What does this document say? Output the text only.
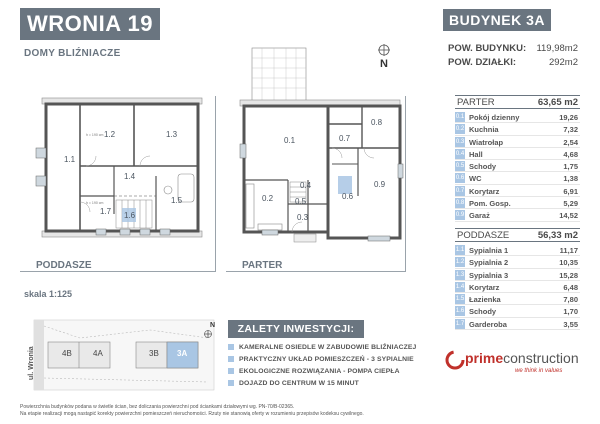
WRONIA 19
DOMY BLIŹNIACZE
BUDYNEK 3A
POW. BUDYNKU: 119,98m2
POW. DZIAŁKI:	292m2
PARTER	63,65 m2
0.1 Pokój dzienny	19,26
0.2 Kuchnia	7,32
0.3 Wiatrołap	2,54
0.4 Hall	4,68
0.5 Schody	1,75
0.6 WC	1,38
0.7 Korytarz	6,91
0.8 Pom. Gosp.	5,29
0.9 Garaż	14,52
PODDASZE	56,33 m2
1.1 Sypialnia 1	11,17
1.2 Sypialnia 2	10,35
1.3 Sypialnia 3	15,28
1.4 Korytarz	6,48
1.5 Łazienka	7,80
1.6 Schody	1,70
1.7 Garderoba	3,55
h = 190 cm
h = 190 cm
1.1
1.2	1.3
1.4
1.5
1.6
1.7
PODDASZE
N
0.1
0.2
0.3
0.4
0.5
0.6
0.7
0.8
0.9
PARTER
skala 1:125
N
4B	4A	3B 3A
ul. Wronia
ZALETY INWESTYCJI:
KAMERALNE OSIEDLE W ZABUDOWIE BLIŹNIACZEJ
PRAKTYCZNY UKŁAD POMIESZCZEŃ - 3 SYPIALNIE
EKOLOGICZNE ROZWIĄZANIA - POMPA CIEPŁA
DOJAZD DO CENTRUM W 15 MINUT
primeconstruction
we think in values
Powierzchnia budynków podana w świetle ścian, bez doliczania powierzchni pod ściankami działowymi wg. PN-70/B-02365.
Na etapie realizacji mogą nastąpić korekty powierzchni pomieszczeń nieruchomości. Rzuty nie stanowią oferty w rozumieniu przepisów kodeksu cywilnego.
